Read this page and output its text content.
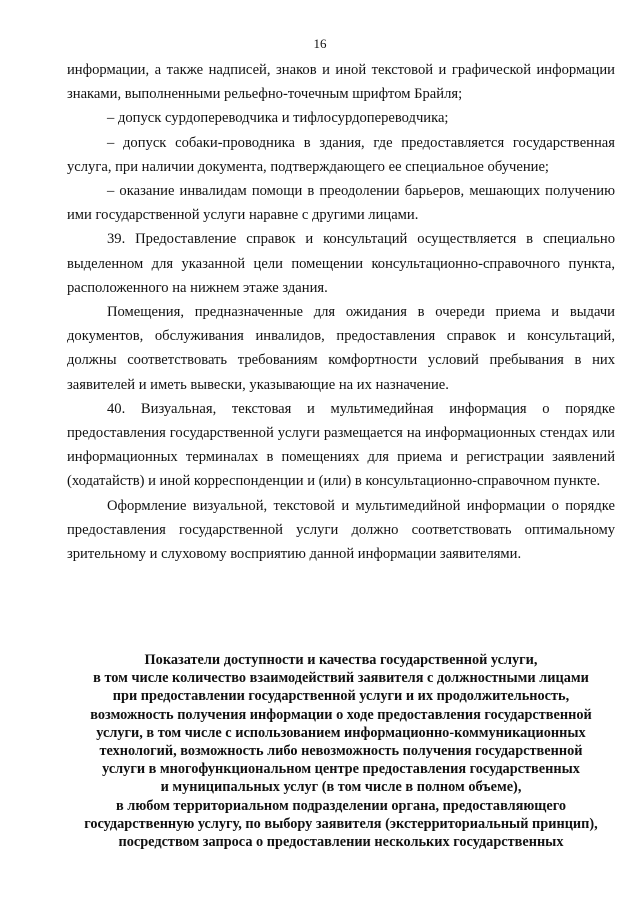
16

информации, а также надписей, знаков и иной текстовой и графической информации знаками, выполненными рельефно-точечным шрифтом Брайля;

– допуск сурдопереводчика и тифлосурдопереводчика;

– допуск собаки-проводника в здания, где предоставляется государственная услуга, при наличии документа, подтверждающего ее специальное обучение;

– оказание инвалидам помощи в преодолении барьеров, мешающих получению ими государственной услуги наравне с другими лицами.

39. Предоставление справок и консультаций осуществляется в специально выделенном для указанной цели помещении консультационно-справочного пункта, расположенного на нижнем этаже здания.

Помещения, предназначенные для ожидания в очереди приема и выдачи документов, обслуживания инвалидов, предоставления справок и консультаций, должны соответствовать требованиям комфортности условий пребывания в них заявителей и иметь вывески, указывающие на их назначение.

40. Визуальная, текстовая и мультимедийная информация о порядке предоставления государственной услуги размещается на информационных стендах или информационных терминалах в помещениях для приема и регистрации заявлений (ходатайств) и иной корреспонденции и (или) в консультационно-справочном пункте.

Оформление визуальной, текстовой и мультимедийной информации о порядке предоставления государственной услуги должно соответствовать оптимальному зрительному и слуховому восприятию данной информации заявителями.

Показатели доступности и качества государственной услуги,
в том числе количество взаимодействий заявителя с должностными лицами
при предоставлении государственной услуги и их продолжительность,
возможность получения информации о ходе предоставления государственной
услуги, в том числе с использованием информационно-коммуникационных
технологий, возможность либо невозможность получения государственной
услуги в многофункциональном центре предоставления государственных
и муниципальных услуг (в том числе в полном объеме),
в любом территориальном подразделении органа, предоставляющего
государственную услугу, по выбору заявителя (экстерриториальный принцип),
посредством запроса о предоставлении нескольких государственных
